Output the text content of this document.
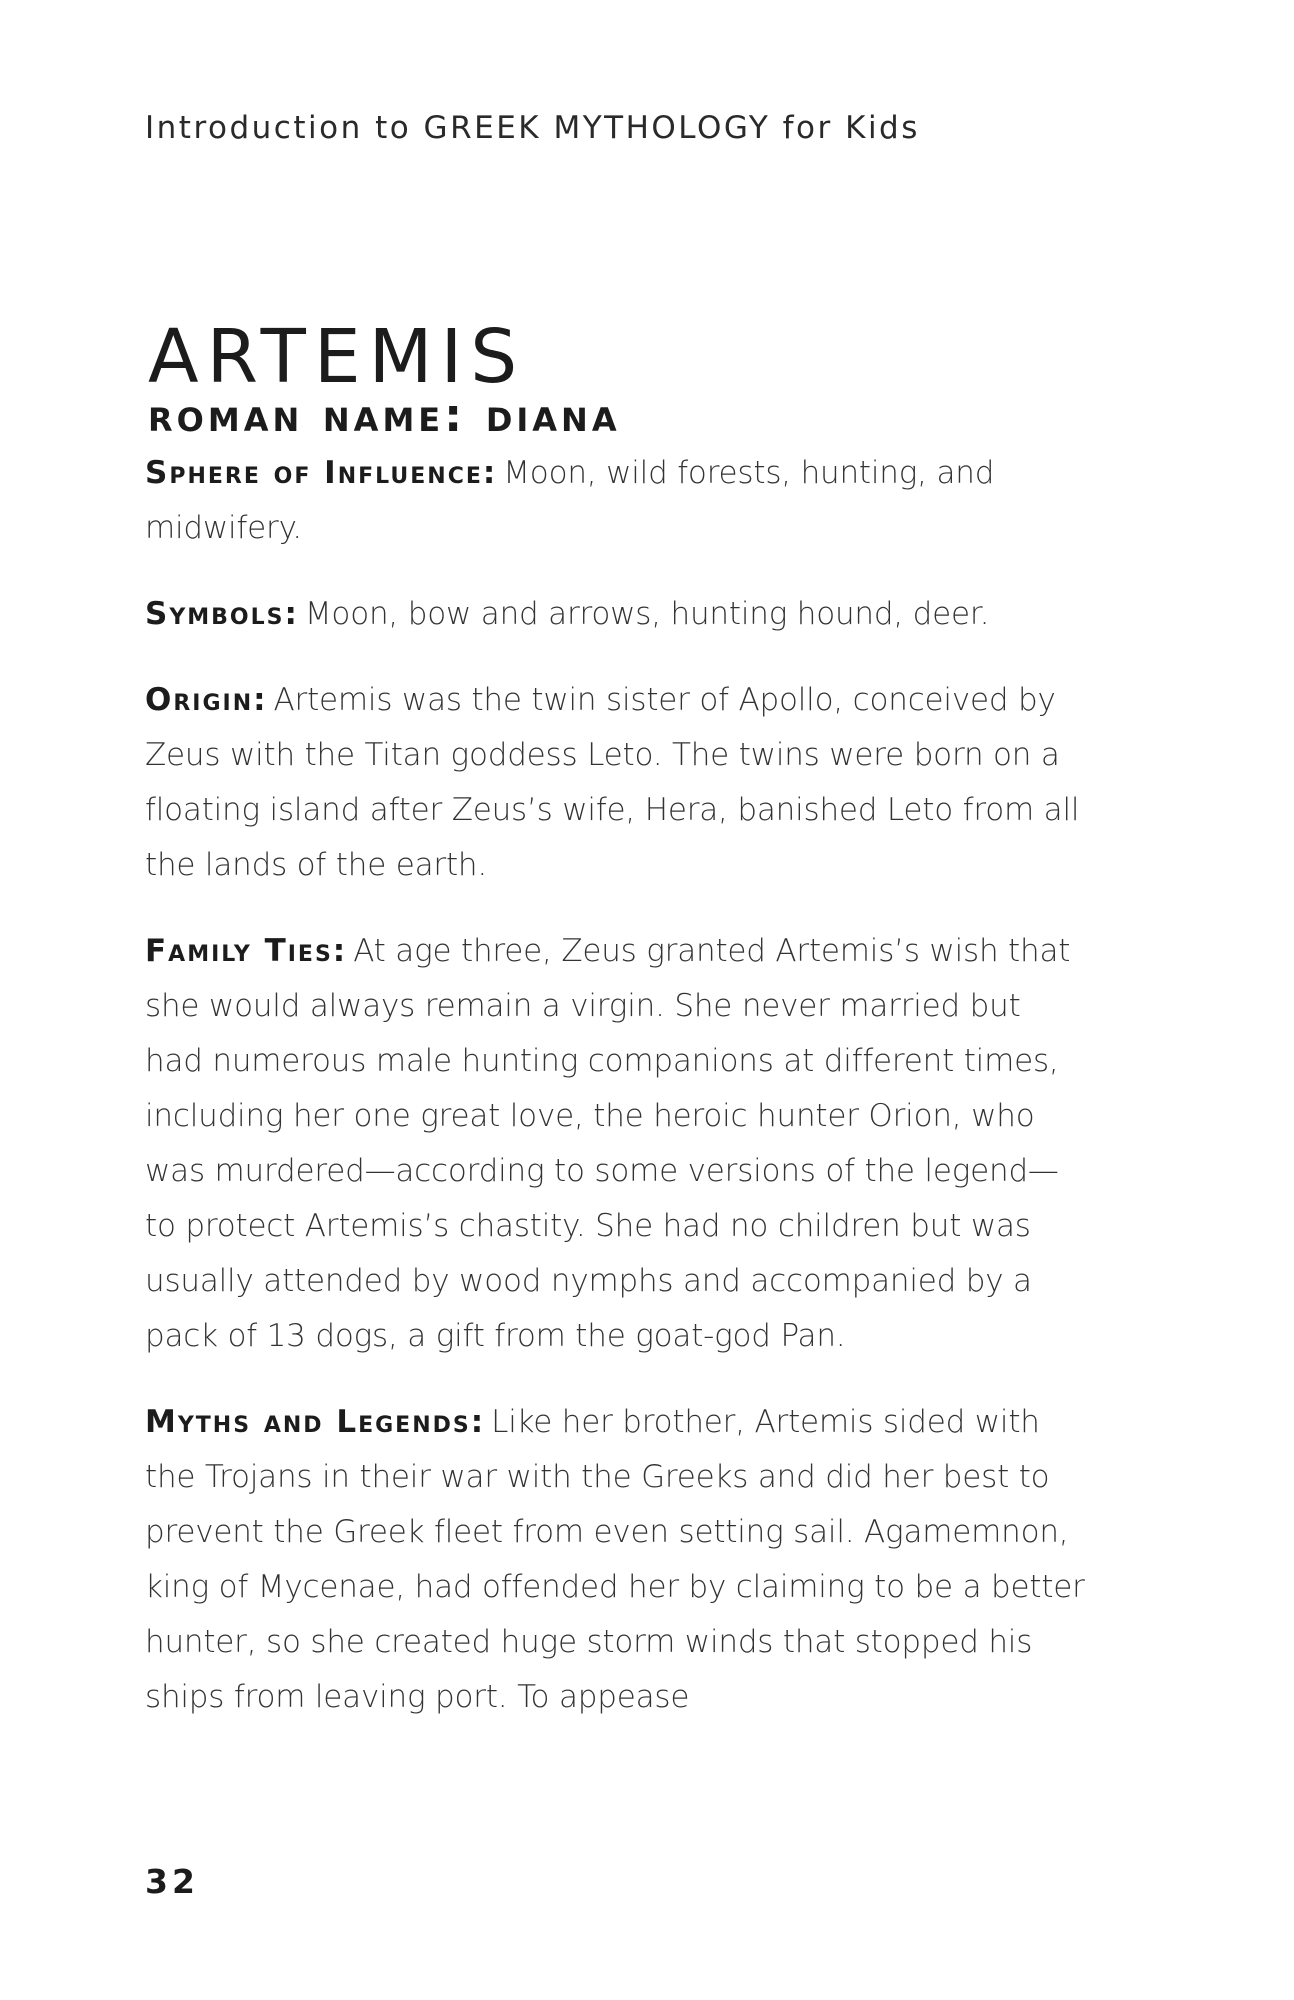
Introduction to GREEK MYTHOLOGY for Kids
artemis
roman name: diana

Sphere of Influence: Moon, wild forests, hunting, and midwifery.

Symbols: Moon, bow and arrows, hunting hound, deer.

Origin: Artemis was the twin sister of Apollo, conceived by Zeus with the Titan goddess Leto. The twins were born on a floating island after Zeus’s wife, Hera, banished Leto from all the lands of the earth.

Family Ties: At age three, Zeus granted Artemis’s wish that she would always remain a virgin. She never married but had numerous male hunting companions at different times, including her one great love, the heroic hunter Orion, who was murdered—according to some versions of the legend—to protect Artemis’s chastity. She had no children but was usually attended by wood nymphs and accompanied by a pack of 13 dogs, a gift from the goat-god Pan.

Myths and Legends: Like her brother, Artemis sided with the Trojans in their war with the Greeks and did her best to prevent the Greek fleet from even setting sail. Agamemnon, king of Mycenae, had offended her by claiming to be a better hunter, so she created huge storm winds that stopped his ships from leaving port. To appease

32
